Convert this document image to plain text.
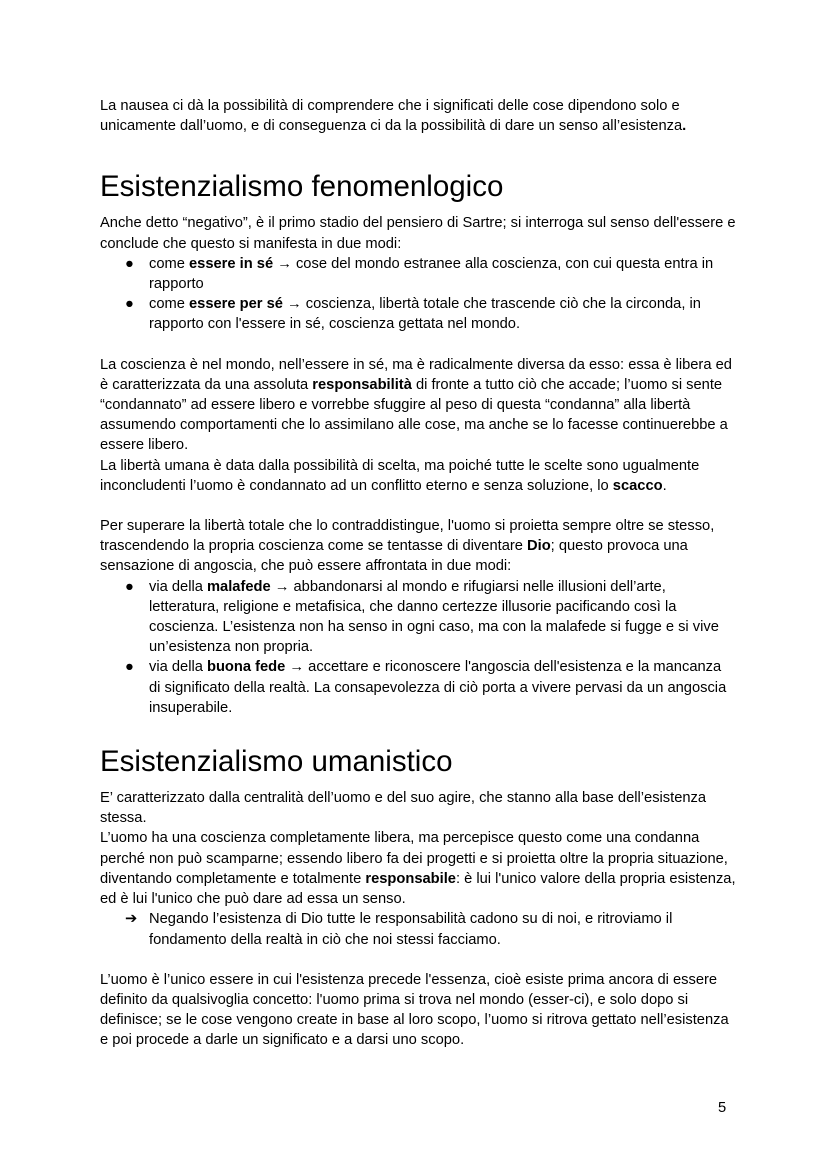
La nausea ci dà la possibilità di comprendere che i significati delle cose dipendono solo e unicamente dall’uomo, e di conseguenza ci da la possibilità di dare un senso all’esistenza.

Esistenzialismo fenomenlogico

Anche detto “negativo”, è il primo stadio del pensiero di Sartre; si interroga sul senso dell'essere e conclude che questo si manifesta in due modi:

●	come essere in sé → cose del mondo estranee alla coscienza, con cui questa entra in rapporto
●	come essere per sé → coscienza, libertà totale che trascende ciò che la circonda, in rapporto con l'essere in sé, coscienza gettata nel mondo.

La coscienza è nel mondo, nell’essere in sé, ma è radicalmente diversa da esso: essa è libera ed è caratterizzata da una assoluta responsabilità di fronte a tutto ciò che accade; l’uomo si sente “condannato” ad essere libero e vorrebbe sfuggire al peso di questa “condanna” alla libertà assumendo comportamenti che lo assimilano alle cose, ma anche se lo facesse continuerebbe a essere libero.

La libertà umana è data dalla possibilità di scelta, ma poiché tutte le scelte sono ugualmente inconcludenti l’uomo è condannato ad un conflitto eterno e senza soluzione, lo scacco.

Per superare la libertà totale che lo contraddistingue, l'uomo si proietta sempre oltre se stesso, trascendendo la propria coscienza come se tentasse di diventare Dio; questo provoca una sensazione di angoscia, che può essere affrontata in due modi:

●	via della malafede → abbandonarsi al mondo e rifugiarsi nelle illusioni dell’arte, letteratura, religione e metafisica, che danno certezze illusorie pacificando così la coscienza. L’esistenza non ha senso in ogni caso, ma con la malafede si fugge e si vive un’esistenza non propria.
●	via della buona fede → accettare e riconoscere l'angoscia dell'esistenza e la mancanza di significato della realtà. La consapevolezza di ciò porta a vivere pervasi da un angoscia insuperabile.
Esistenzialismo umanistico

E’ caratterizzato dalla centralità dell’uomo e del suo agire, che stanno alla base dell’esistenza stessa.

L’uomo ha una coscienza completamente libera, ma percepisce questo come una condanna perché non può scamparne; essendo libero fa dei progetti e si proietta oltre la propria situazione, diventando completamente e totalmente responsabile: è lui l'unico valore della propria esistenza, ed è lui l'unico che può dare ad essa un senso.

➔ Negando l’esistenza di Dio tutte le responsabilità cadono su di noi, e ritroviamo il fondamento della realtà in ciò che noi stessi facciamo.

L’uomo è l’unico essere in cui l'esistenza precede l'essenza, cioè esiste prima ancora di essere definito da qualsivoglia concetto: l'uomo prima si trova nel mondo (esser-ci), e solo dopo si definisce; se le cose vengono create in base al loro scopo, l’uomo si ritrova gettato nell’esistenza e poi procede a darle un significato e a darsi uno scopo.

5
